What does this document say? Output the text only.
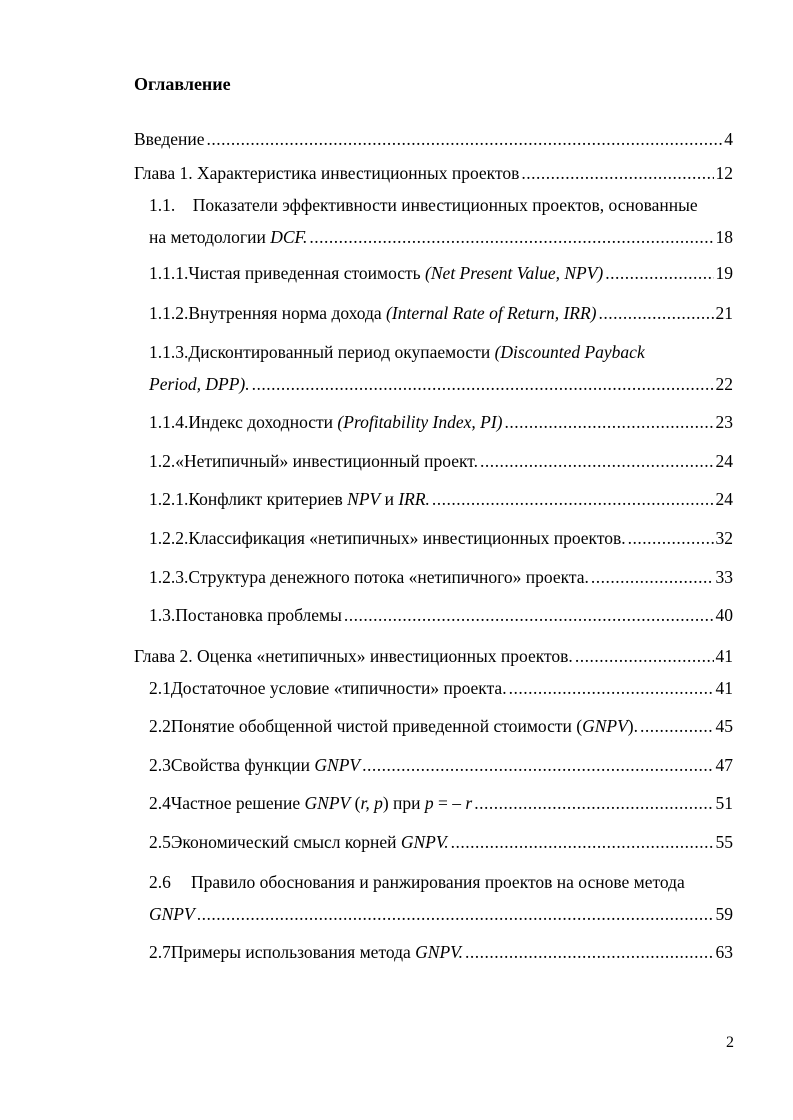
Оглавление
Введение .....	4
Глава 1. Характеристика инвестиционных проектов .....	12
1.1. Показатели эффективности инвестиционных проектов, основанные
на методологии DCF. .....	18
1.1.1. Чистая приведенная стоимость (Net Present Value, NPV) .....	19
1.1.2. Внутренняя норма дохода (Internal Rate of Return, IRR) .....	21
1.1.3.Дисконтированный период окупаемости (Discounted Payback
Period, DPP). .....	22
1.1.4. Индекс доходности (Profitability Index, PI) .....	23
1.2. «Нетипичный» инвестиционный проект. .....	24
1.2.1. Конфликт критериев NPV и IRR. .....	24
1.2.2. Классификация «нетипичных» инвестиционных проектов. .....	32
1.2.3. Структура денежного потока «нетипичного» проекта. .....	33
1.3. Постановка проблемы .....	40
Глава 2. Оценка «нетипичных» инвестиционных проектов. .....	41
2.1 Достаточное условие «типичности» проекта. .....	41
2.2 Понятие обобщенной чистой приведенной стоимости (GNPV). .....	45
2.3 Свойства функции GNPV .....	47
2.4 Частное решение GNPV (r, p) при p = – r .....	51
2.5 Экономический смысл корней GNPV. .....	55
2.6 Правило обоснования и ранжирования проектов на основе метода
GNPV .....	59
2.7 Примеры использования метода GNPV. .....	63
2
